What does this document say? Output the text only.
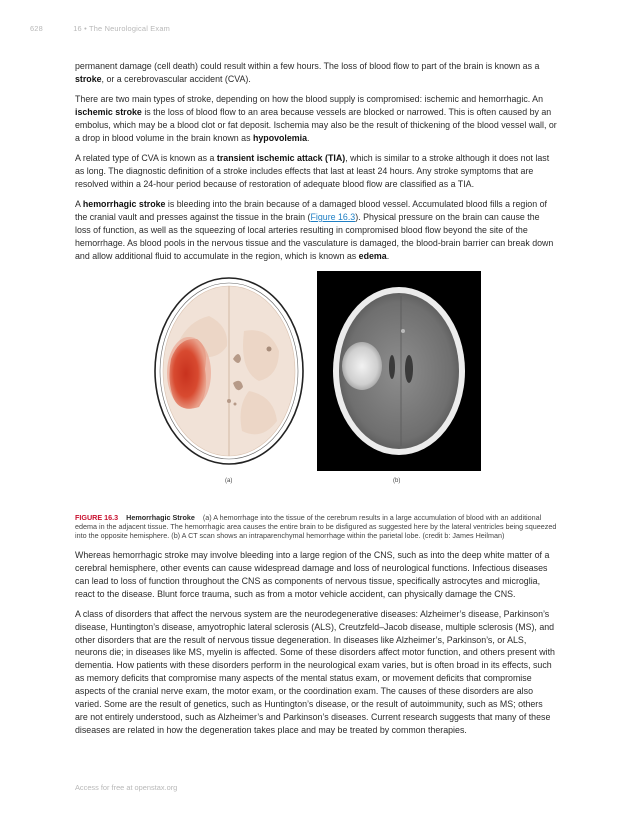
628	16 • The Neurological Exam

permanent damage (cell death) could result within a few hours. The loss of blood flow to part of the brain is known as a stroke, or a cerebrovascular accident (CVA).

There are two main types of stroke, depending on how the blood supply is compromised: ischemic and hemorrhagic. An ischemic stroke is the loss of blood flow to an area because vessels are blocked or narrowed. This is often caused by an embolus, which may be a blood clot or fat deposit. Ischemia may also be the result of thickening of the blood vessel wall, or a drop in blood volume in the brain known as hypovolemia.

A related type of CVA is known as a transient ischemic attack (TIA), which is similar to a stroke although it does not last as long. The diagnostic definition of a stroke includes effects that last at least 24 hours. Any stroke symptoms that are resolved within a 24-hour period because of restoration of adequate blood flow are classified as a TIA.

A hemorrhagic stroke is bleeding into the brain because of a damaged blood vessel. Accumulated blood fills a region of the cranial vault and presses against the tissue in the brain (Figure 16.3). Physical pressure on the brain can cause the loss of function, as well as the squeezing of local arteries resulting in compromised blood flow beyond the site of the hemorrhage. As blood pools in the nervous tissue and the vasculature is damaged, the blood-brain barrier can break down and allow additional fluid to accumulate in the region, which is known as edema.

(a)	(b)
FIGURE 16.3 Hemorrhagic Stroke (a) A hemorrhage into the tissue of the cerebrum results in a large accumulation of blood with an additional edema in the adjacent tissue. The hemorrhagic area causes the entire brain to be disfigured as suggested here by the lateral ventricles being squeezed into the opposite hemisphere. (b) A CT scan shows an intraparenchymal hemorrhage within the parietal lobe. (credit b: James Heilman)

Whereas hemorrhagic stroke may involve bleeding into a large region of the CNS, such as into the deep white matter of a cerebral hemisphere, other events can cause widespread damage and loss of neurological functions. Infectious diseases can lead to loss of function throughout the CNS as components of nervous tissue, specifically astrocytes and microglia, react to the disease. Blunt force trauma, such as from a motor vehicle accident, can physically damage the CNS.

A class of disorders that affect the nervous system are the neurodegenerative diseases: Alzheimer’s disease, Parkinson’s disease, Huntington’s disease, amyotrophic lateral sclerosis (ALS), Creutzfeld–Jacob disease, multiple sclerosis (MS), and other disorders that are the result of nervous tissue degeneration. In diseases like Alzheimer’s, Parkinson’s, or ALS, neurons die; in diseases like MS, myelin is affected. Some of these disorders affect motor function, and others present with dementia. How patients with these disorders perform in the neurological exam varies, but is often broad in its effects, such as memory deficits that compromise many aspects of the mental status exam, or movement deficits that compromise aspects of the cranial nerve exam, the motor exam, or the coordination exam. The causes of these disorders are also varied. Some are the result of genetics, such as Huntington’s disease, or the result of autoimmunity, such as MS; others are not entirely understood, such as Alzheimer’s and Parkinson’s diseases. Current research suggests that many of these diseases are related in how the degeneration takes place and may be treated by common therapies.

Access for free at openstax.org
